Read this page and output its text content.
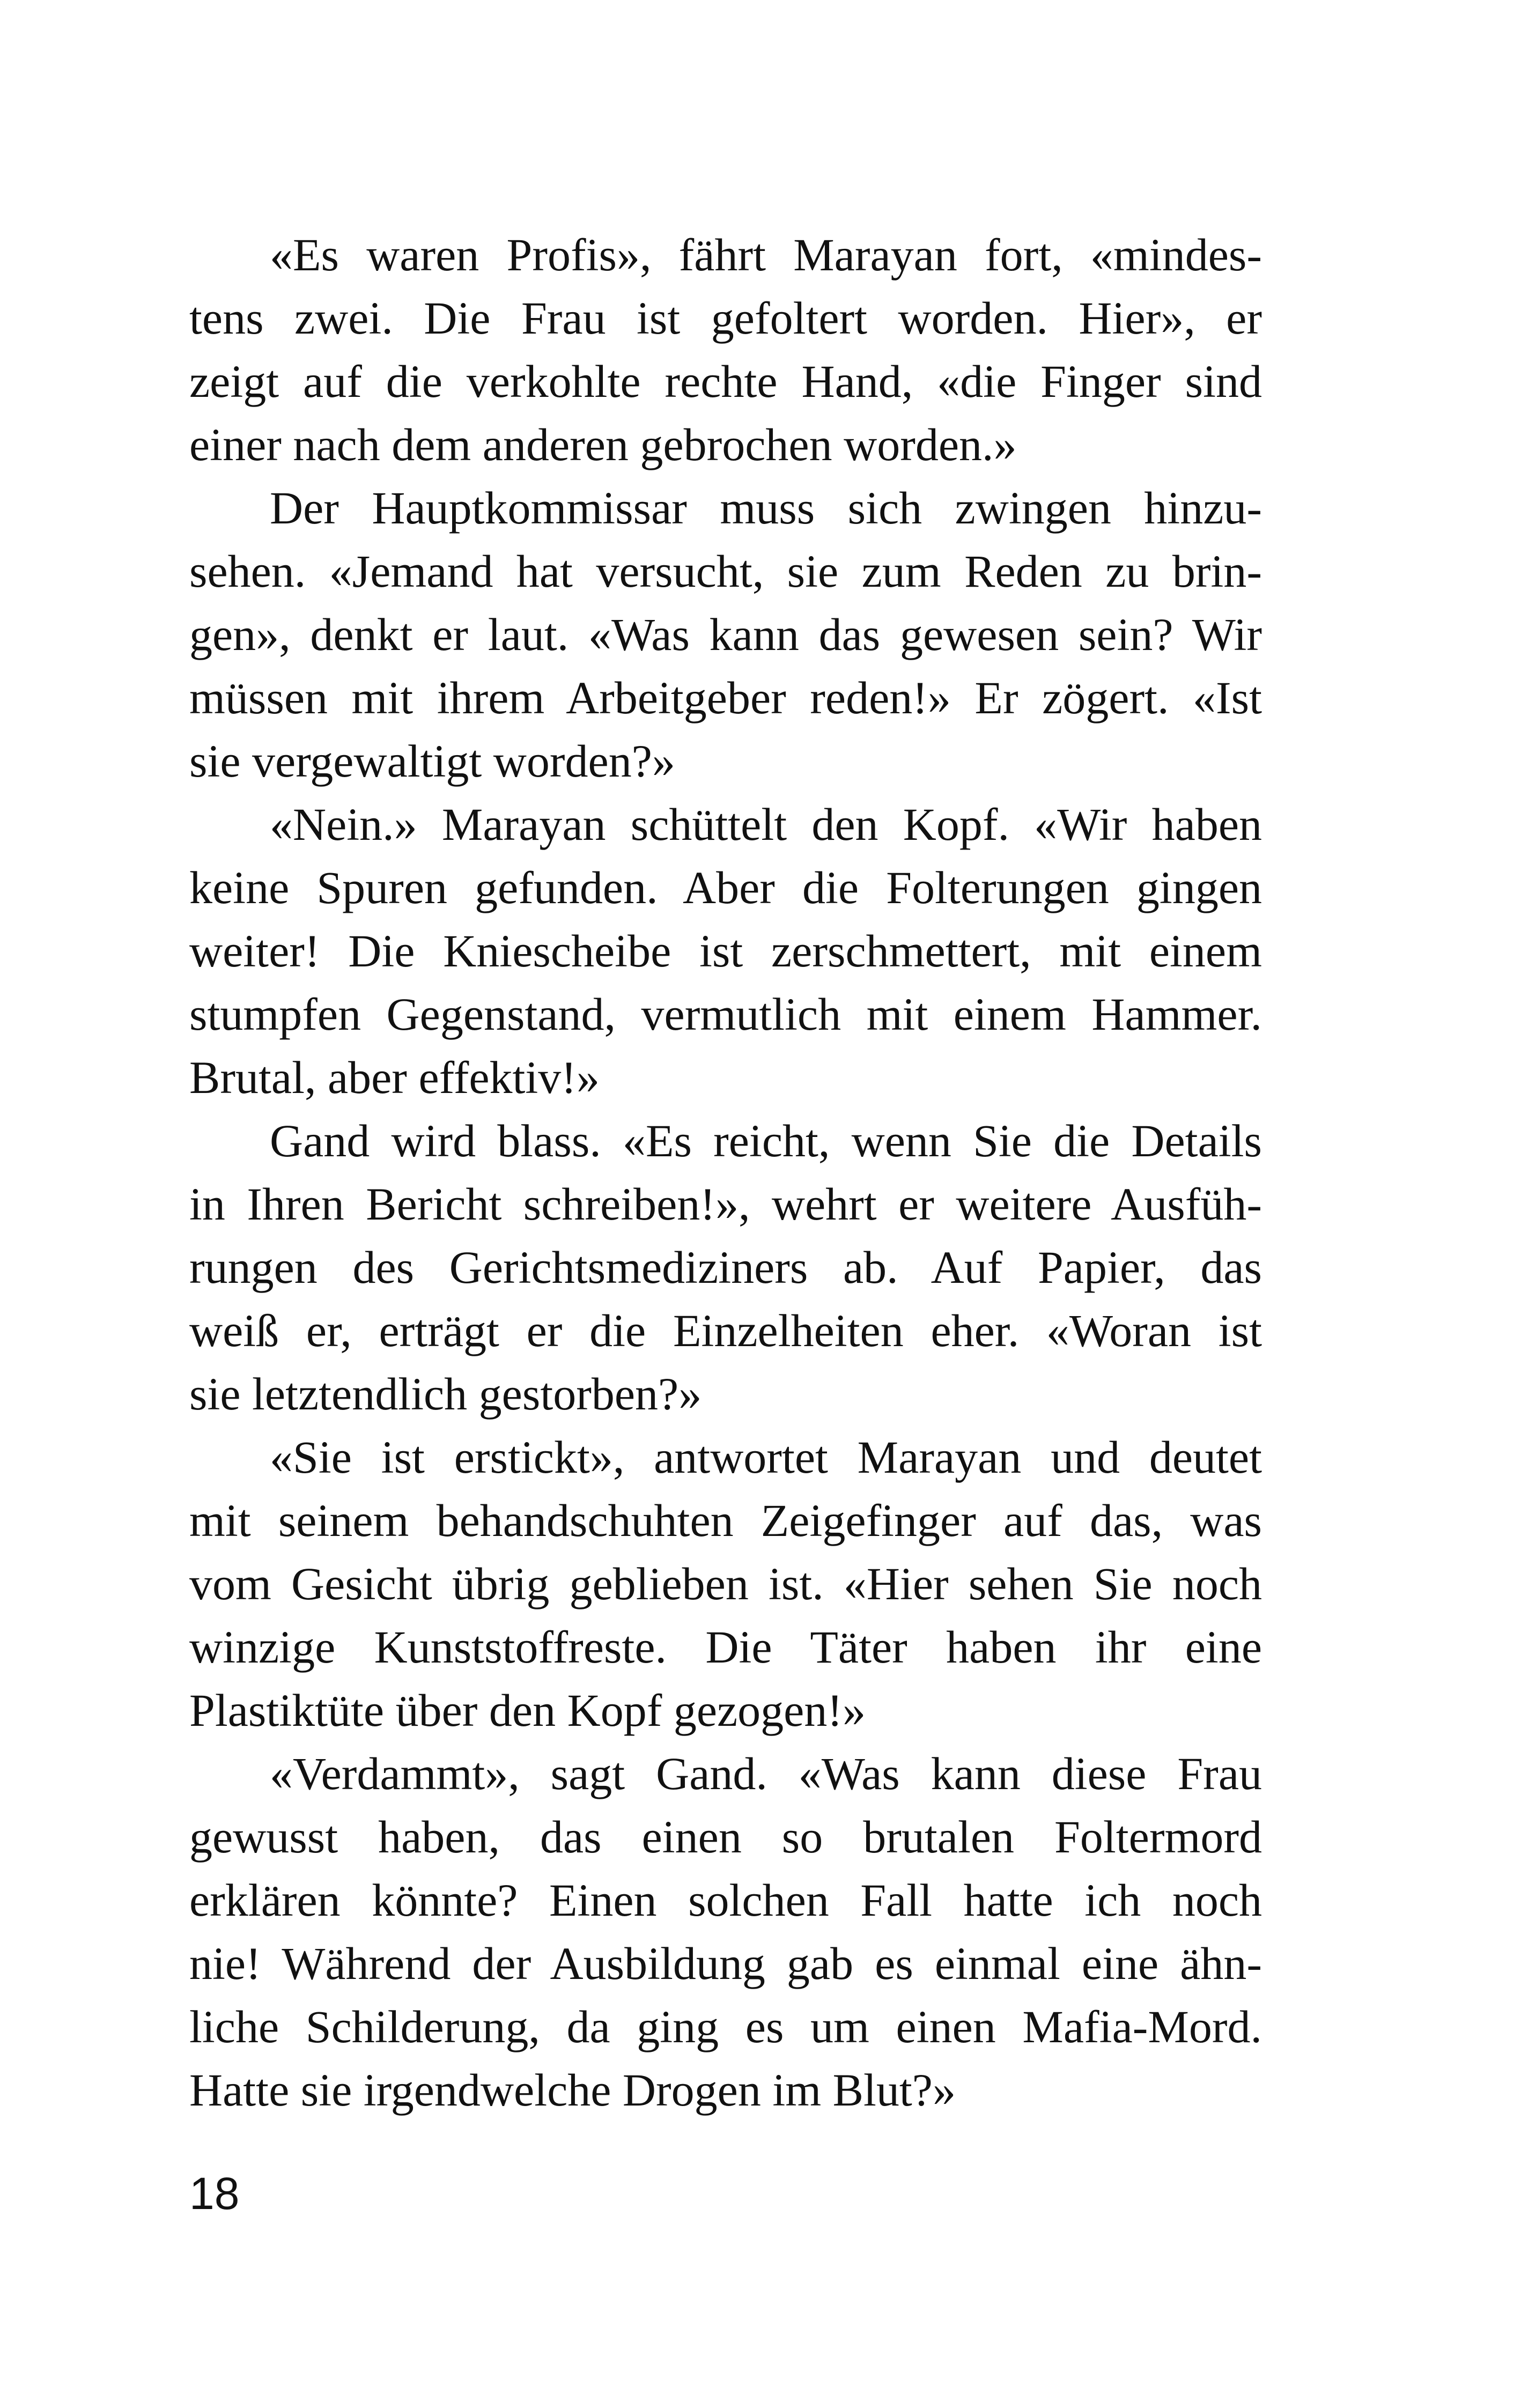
«Es waren Profis», fährt Marayan fort, «mindes-
tens zwei. Die Frau ist gefoltert worden. Hier», er
zeigt auf die verkohlte rechte Hand, «die Finger sind
einer nach dem anderen gebrochen worden.»
Der Hauptkommissar muss sich zwingen hinzu-
sehen. «Jemand hat versucht, sie zum Reden zu brin-
gen», denkt er laut. «Was kann das gewesen sein? Wir
müssen mit ihrem Arbeitgeber reden!» Er zögert. «Ist
sie vergewaltigt worden?»
«Nein.» Marayan schüttelt den Kopf. «Wir haben
keine Spuren gefunden. Aber die Folterungen gingen
weiter! Die Kniescheibe ist zerschmettert, mit einem
stumpfen Gegenstand, vermutlich mit einem Hammer.
Brutal, aber effektiv!»
Gand wird blass. «Es reicht, wenn Sie die Details
in Ihren Bericht schreiben!», wehrt er weitere Ausfüh-
rungen des Gerichtsmediziners ab. Auf Papier, das
weiß er, erträgt er die Einzelheiten eher. «Woran ist
sie letztendlich gestorben?»
«Sie ist erstickt», antwortet Marayan und deutet
mit seinem behandschuhten Zeigefinger auf das, was
vom Gesicht übrig geblieben ist. «Hier sehen Sie noch
winzige Kunststoffreste. Die Täter haben ihr eine
Plastiktüte über den Kopf gezogen!»
«Verdammt», sagt Gand. «Was kann diese Frau
gewusst haben, das einen so brutalen Foltermord
erklären könnte? Einen solchen Fall hatte ich noch
nie! Während der Ausbildung gab es einmal eine ähn-
liche Schilderung, da ging es um einen Mafia-Mord.
Hatte sie irgendwelche Drogen im Blut?»
18
